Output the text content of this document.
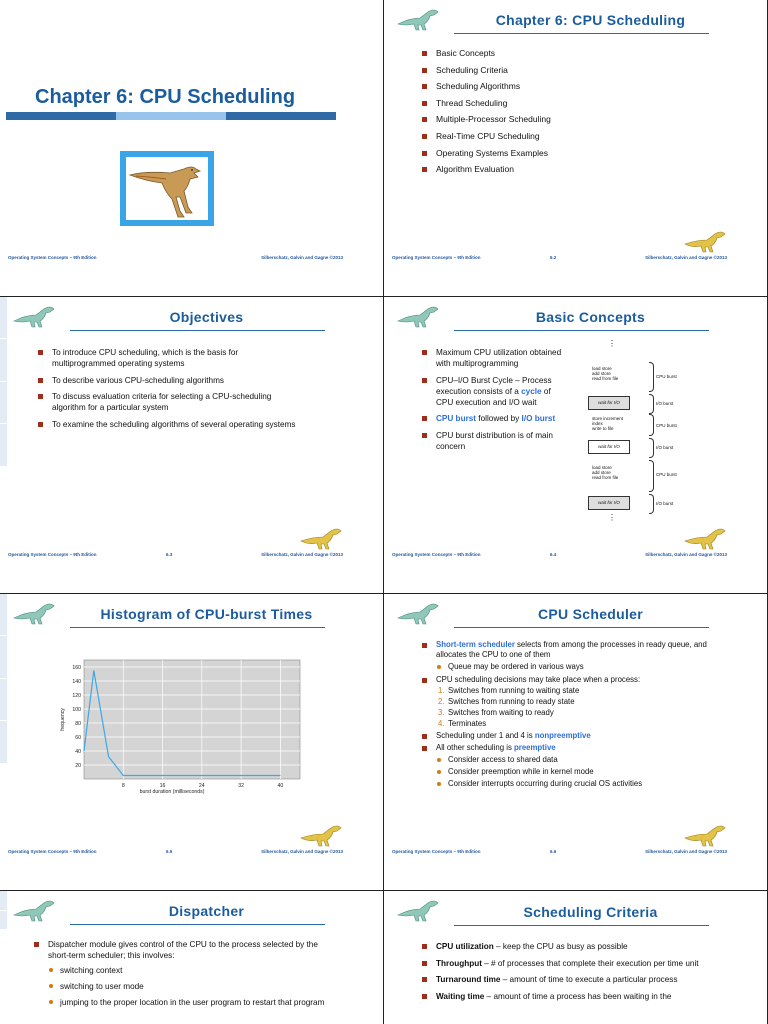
Chapter 6: CPU Scheduling
Operating System Concepts – 9th Edition	Silberschatz, Galvin and Gagne ©2013
Chapter 6: CPU Scheduling
Basic Concepts
Scheduling Criteria
Scheduling Algorithms
Thread Scheduling
Multiple-Processor Scheduling
Real-Time CPU Scheduling
Operating Systems Examples
Algorithm Evaluation
Operating System Concepts – 9th Edition	6.2	Silberschatz, Galvin and Gagne ©2013
Objectives
To introduce CPU scheduling, which is the basis for multiprogrammed operating systems
To describe various CPU-scheduling algorithms
To discuss evaluation criteria for selecting a CPU-scheduling algorithm for a particular system
To examine the scheduling algorithms of several operating systems
Operating System Concepts – 9th Edition	6.3	Silberschatz, Galvin and Gagne ©2013
Basic Concepts
Maximum CPU utilization obtained with multiprogramming
CPU–I/O Burst Cycle – Process execution consists of a cycle of CPU execution and I/O wait
CPU burst followed by I/O burst
CPU burst distribution is of main concern
Operating System Concepts – 9th Edition	6.4	Silberschatz, Galvin and Gagne ©2013
⋮
load store
add store
read from file	CPU burst
wait for I/O	I/O burst
store increment
index
write to file
CPU burst
wait for I/O	I/O burst
load store
add store
read from file
CPU burst
wait for I/O	I/O burst
⋮
Histogram of CPU-burst Times
20
40
60
80
100
120
140
160
8	16	24	32	40
burst duration (milliseconds)
frequency
Operating System Concepts – 9th Edition	6.5	Silberschatz, Galvin and Gagne ©2013
CPU Scheduler
Short-term scheduler selects from among the processes in ready queue, and allocates the CPU to one of them
Queue may be ordered in various ways
CPU scheduling decisions may take place when a process:
1. Switches from running to waiting state
2. Switches from running to ready state
3. Switches from waiting to ready
4. Terminates
Scheduling under 1 and 4 is nonpreemptive
All other scheduling is preemptive
Consider access to shared data
Consider preemption while in kernel mode
Consider interrupts occurring during crucial OS activities
Operating System Concepts – 9th Edition	6.6	Silberschatz, Galvin and Gagne ©2013
Dispatcher
Dispatcher module gives control of the CPU to the process selected by the short-term scheduler; this involves:
switching context
switching to user mode
jumping to the proper location in the user program to restart that program
Scheduling Criteria
CPU utilization – keep the CPU as busy as possible
Throughput – # of processes that complete their execution per time unit
Turnaround time – amount of time to execute a particular process
Waiting time – amount of time a process has been waiting in the
